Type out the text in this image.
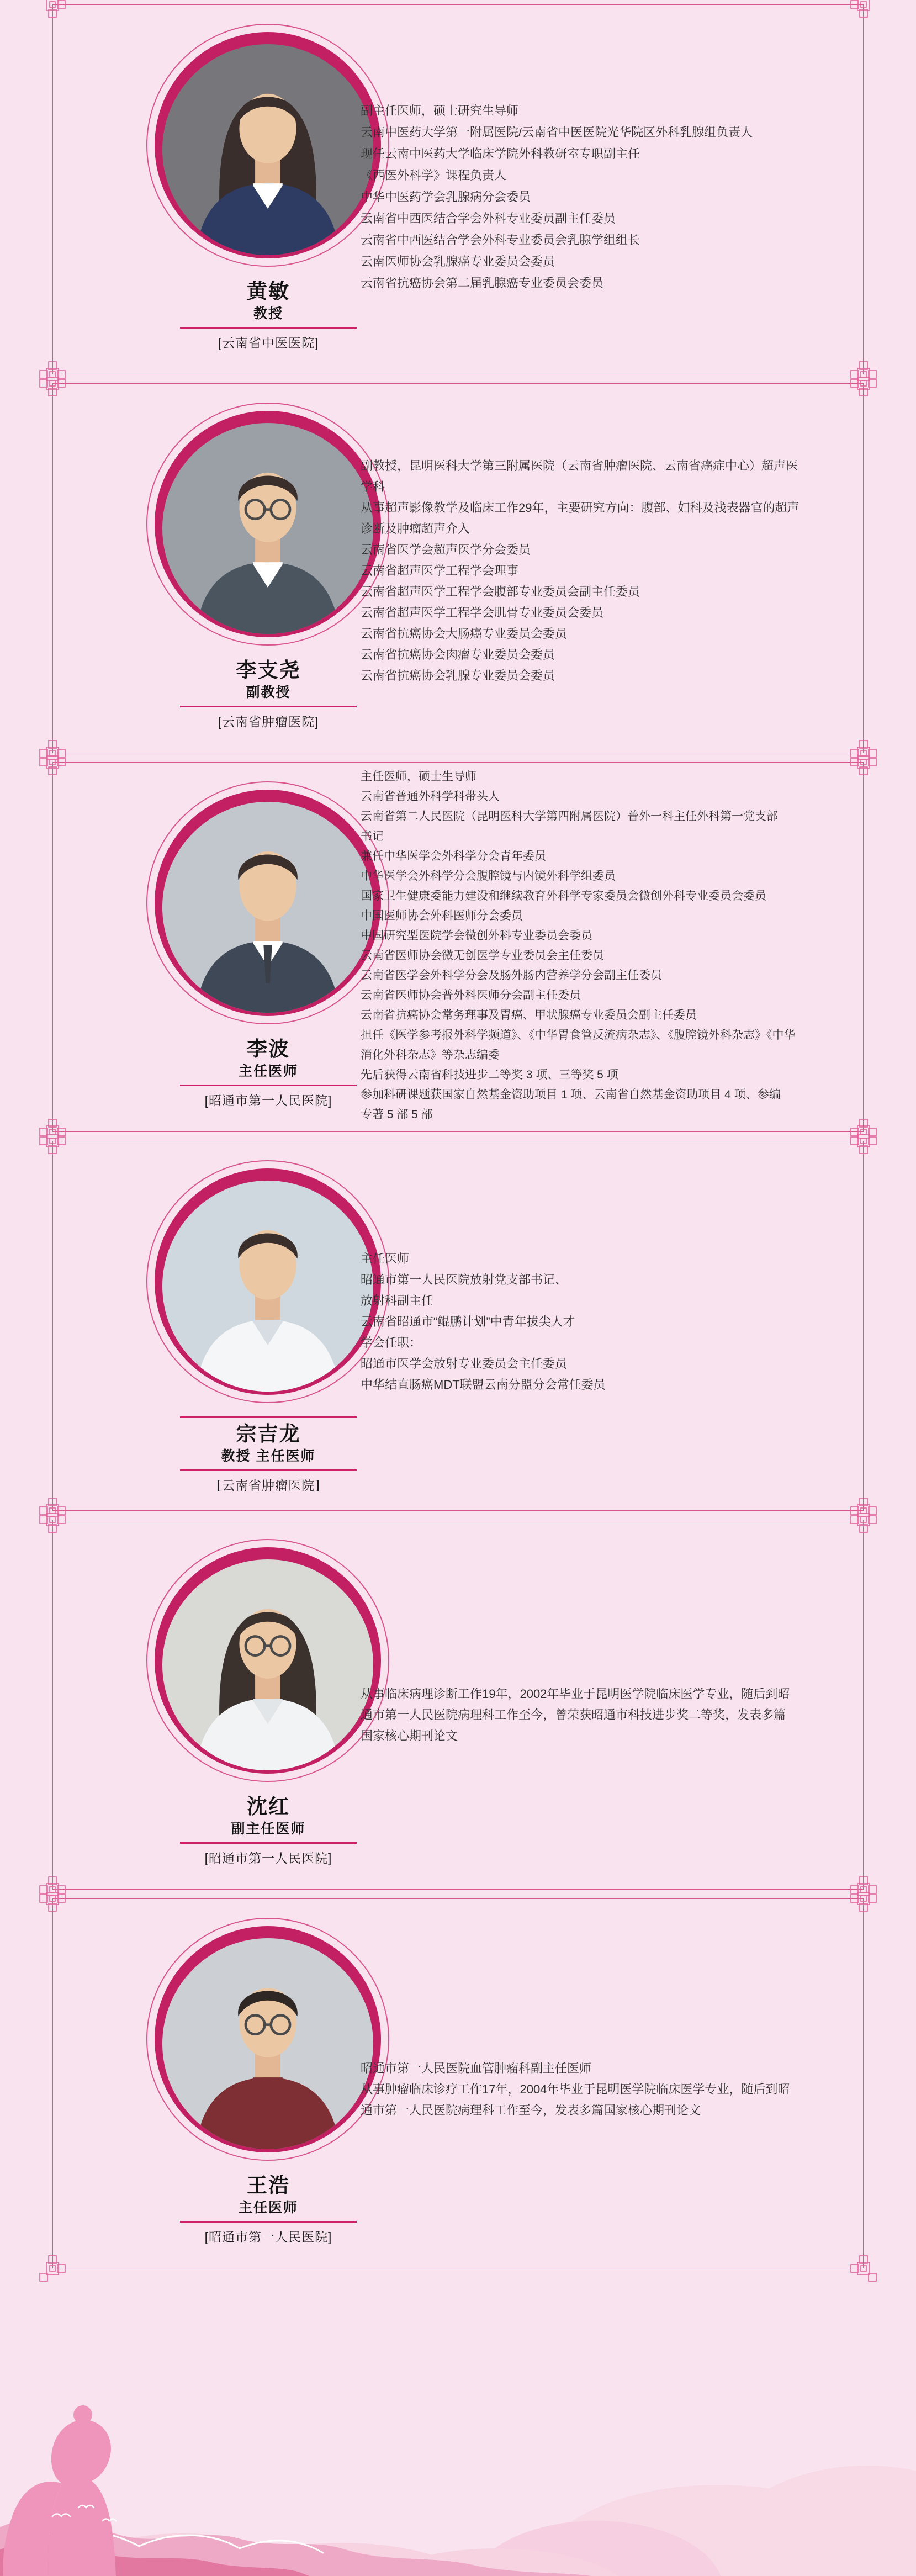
黄敏
教授
[云南省中医医院]
副主任医师，硕士研究生导师
云南中医药大学第一附属医院/云南省中医医院光华院区外科乳腺组负责人
现任云南中医药大学临床学院外科教研室专职副主任
《西医外科学》课程负责人
中华中医药学会乳腺病分会委员
云南省中西医结合学会外科专业委员副主任委员
云南省中西医结合学会外科专业委员会乳腺学组组长
云南医师协会乳腺癌专业委员会委员
云南省抗癌协会第二届乳腺癌专业委员会委员
李支尧
副教授
[云南省肿瘤医院]
副教授，昆明医科大学第三附属医院（云南省肿瘤医院、云南省癌症中心）超声医
学科
从事超声影像教学及临床工作29年，主要研究方向：腹部、妇科及浅表器官的超声
诊断及肿瘤超声介入
云南省医学会超声医学分会委员
云南省超声医学工程学会理事
云南省超声医学工程学会腹部专业委员会副主任委员
云南省超声医学工程学会肌骨专业委员会委员
云南省抗癌协会大肠癌专业委员会委员
云南省抗癌协会肉瘤专业委员会委员
云南省抗癌协会乳腺专业委员会委员
李波
主任医师
[昭通市第一人民医院]
主任医师，硕士生导师
云南省普通外科学科带头人
云南省第二人民医院（昆明医科大学第四附属医院）普外一科主任外科第一党支部
书记
兼任中华医学会外科学分会青年委员
中华医学会外科学分会腹腔镜与内镜外科学组委员
国家卫生健康委能力建设和继续教育外科学专家委员会微创外科专业委员会委员
中国医师协会外科医师分会委员
中国研究型医院学会微创外科专业委员会委员
云南省医师协会微无创医学专业委员会主任委员
云南省医学会外科学分会及肠外肠内营养学分会副主任委员
云南省医师协会普外科医师分会副主任委员
云南省抗癌协会常务理事及胃癌、甲状腺癌专业委员会副主任委员
担任《医学参考报外科学频道》、《中华胃食管反流病杂志》、《腹腔镜外科杂志》《中华
消化外科杂志》等杂志编委
先后获得云南省科技进步二等奖 3 项、三等奖 5 项
参加科研课题获国家自然基金资助项目 1 项、云南省自然基金资助项目 4 项、参编
专著 5 部 5 部
宗吉龙
教授 主任医师
[云南省肿瘤医院]
主任医师
昭通市第一人民医院放射党支部书记、
放射科副主任
云南省昭通市“鲲鹏计划”中青年拔尖人才
学会任职：
昭通市医学会放射专业委员会主任委员
中华结直肠癌MDT联盟云南分盟分会常任委员
沈红
副主任医师
[昭通市第一人民医院]
从事临床病理诊断工作19年，2002年毕业于昆明医学院临床医学专业，随后到昭
通市第一人民医院病理科工作至今，曾荣获昭通市科技进步奖二等奖，发表多篇
国家核心期刊论文
王浩
主任医师
[昭通市第一人民医院]
昭通市第一人民医院血管肿瘤科副主任医师
从事肿瘤临床诊疗工作17年，2004年毕业于昆明医学院临床医学专业，随后到昭
通市第一人民医院病理科工作至今，发表多篇国家核心期刊论文
